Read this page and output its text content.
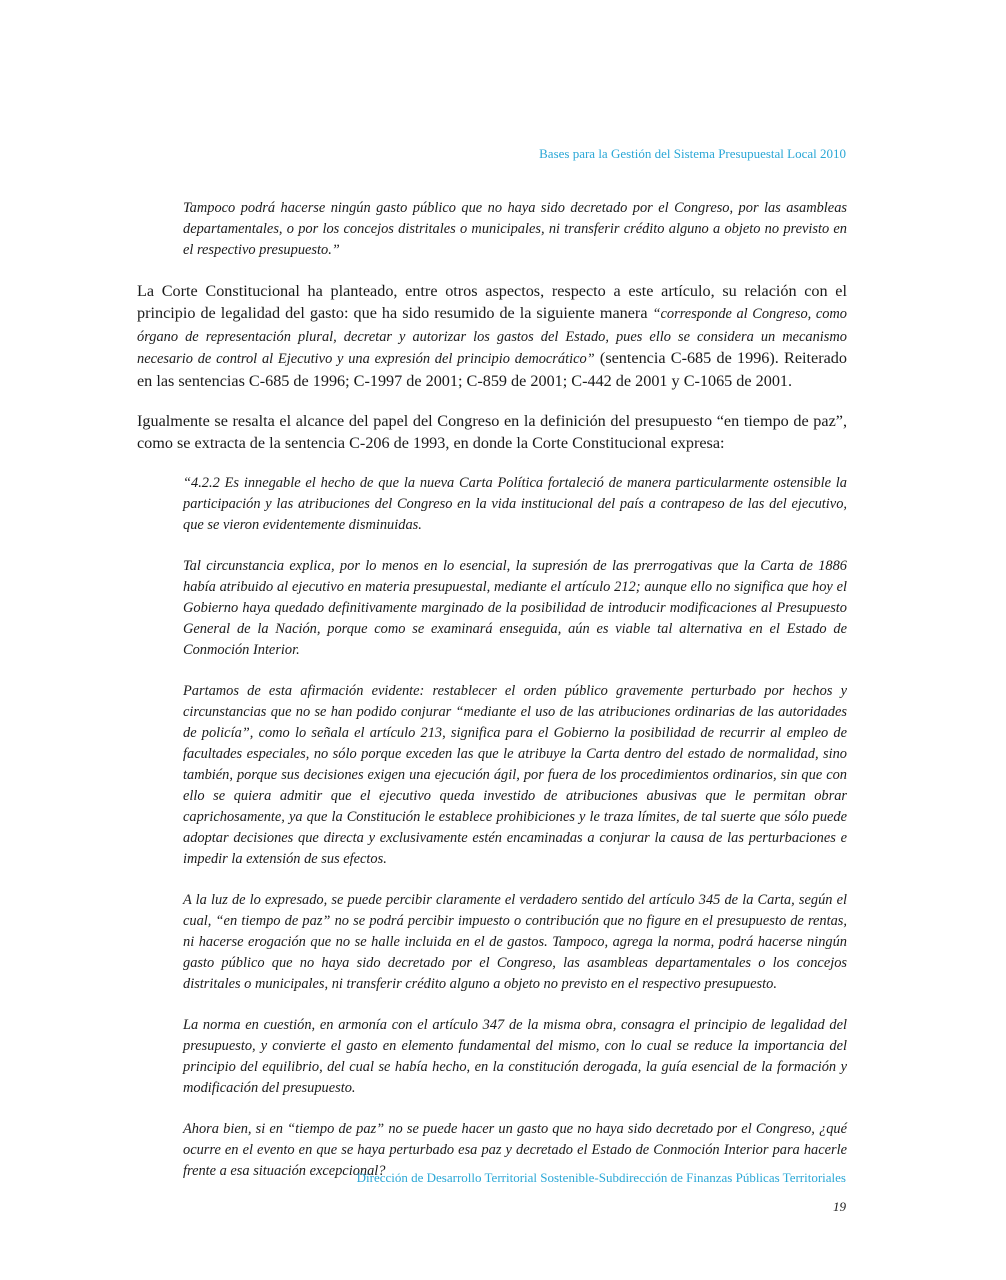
Bases para la Gestión del Sistema Presupuestal Local 2010

Tampoco podrá hacerse ningún gasto público que no haya sido decretado por el Congreso, por las asambleas departamentales, o por los concejos distritales o municipales, ni transferir crédito alguno a objeto no previsto en el respectivo presupuesto.”

La Corte Constitucional ha planteado, entre otros aspectos, respecto a este artículo, su relación con el principio de legalidad del gasto: que ha sido resumido de la siguiente manera “corresponde al Congreso, como órgano de representación plural, decretar y autorizar los gastos del Estado, pues ello se considera un mecanismo necesario de control al Ejecutivo y una expresión del principio democrático” (sentencia C-685 de 1996). Reiterado en las sentencias C-685 de 1996; C-1997 de 2001; C-859 de 2001; C-442 de 2001 y C-1065 de 2001.

Igualmente se resalta el alcance del papel del Congreso en la definición del presupuesto “en tiempo de paz”, como se extracta de la sentencia C-206 de 1993, en donde la Corte Constitucional expresa:

“4.2.2 Es innegable el hecho de que la nueva Carta Política fortaleció de manera particularmente ostensible la participación y las atribuciones del Congreso en la vida institucional del país a contrapeso de las del ejecutivo, que se vieron evidentemente disminuidas.

Tal circunstancia explica, por lo menos en lo esencial, la supresión de las prerrogativas que la Carta de 1886 había atribuido al ejecutivo en materia presupuestal, mediante el artículo 212; aunque ello no significa que hoy el Gobierno haya quedado definitivamente marginado de la posibilidad de introducir modificaciones al Presupuesto General de la Nación, porque como se examinará enseguida, aún es viable tal alternativa en el Estado de Conmoción Interior.

Partamos de esta afirmación evidente: restablecer el orden público gravemente perturbado por hechos y circunstancias que no se han podido conjurar “mediante el uso de las atribuciones ordinarias de las autoridades de policía”, como lo señala el artículo 213, significa para el Gobierno la posibilidad de recurrir al empleo de facultades especiales, no sólo porque exceden las que le atribuye la Carta dentro del estado de normalidad, sino también, porque sus decisiones exigen una ejecución ágil, por fuera de los procedimientos ordinarios, sin que con ello se quiera admitir que el ejecutivo queda investido de atribuciones abusivas que le permitan obrar caprichosamente, ya que la Constitución le establece prohibiciones y le traza límites, de tal suerte que sólo puede adoptar decisiones que directa y exclusivamente estén encaminadas a conjurar la causa de las perturbaciones e impedir la extensión de sus efectos.

A la luz de lo expresado, se puede percibir claramente el verdadero sentido del artículo 345 de la Carta, según el cual, “en tiempo de paz” no se podrá percibir impuesto o contribución que no figure en el presupuesto de rentas, ni hacerse erogación que no se halle incluida en el de gastos. Tampoco, agrega la norma, podrá hacerse ningún gasto público que no haya sido decretado por el Congreso, las asambleas departamentales o los concejos distritales o municipales, ni transferir crédito alguno a objeto no previsto en el respectivo presupuesto.

La norma en cuestión, en armonía con el artículo 347 de la misma obra, consagra el principio de legalidad del presupuesto, y convierte el gasto en elemento fundamental del mismo, con lo cual se reduce la importancia del principio del equilibrio, del cual se había hecho, en la constitución derogada, la guía esencial de la formación y modificación del presupuesto.

Ahora bien, si en “tiempo de paz” no se puede hacer un gasto que no haya sido decretado por el Congreso, ¿qué ocurre en el evento en que se haya perturbado esa paz y decretado el Estado de Conmoción Interior para hacerle frente a esa situación excepcional?

Dirección de Desarrollo Territorial Sostenible-Subdirección de Finanzas Públicas Territoriales
19
